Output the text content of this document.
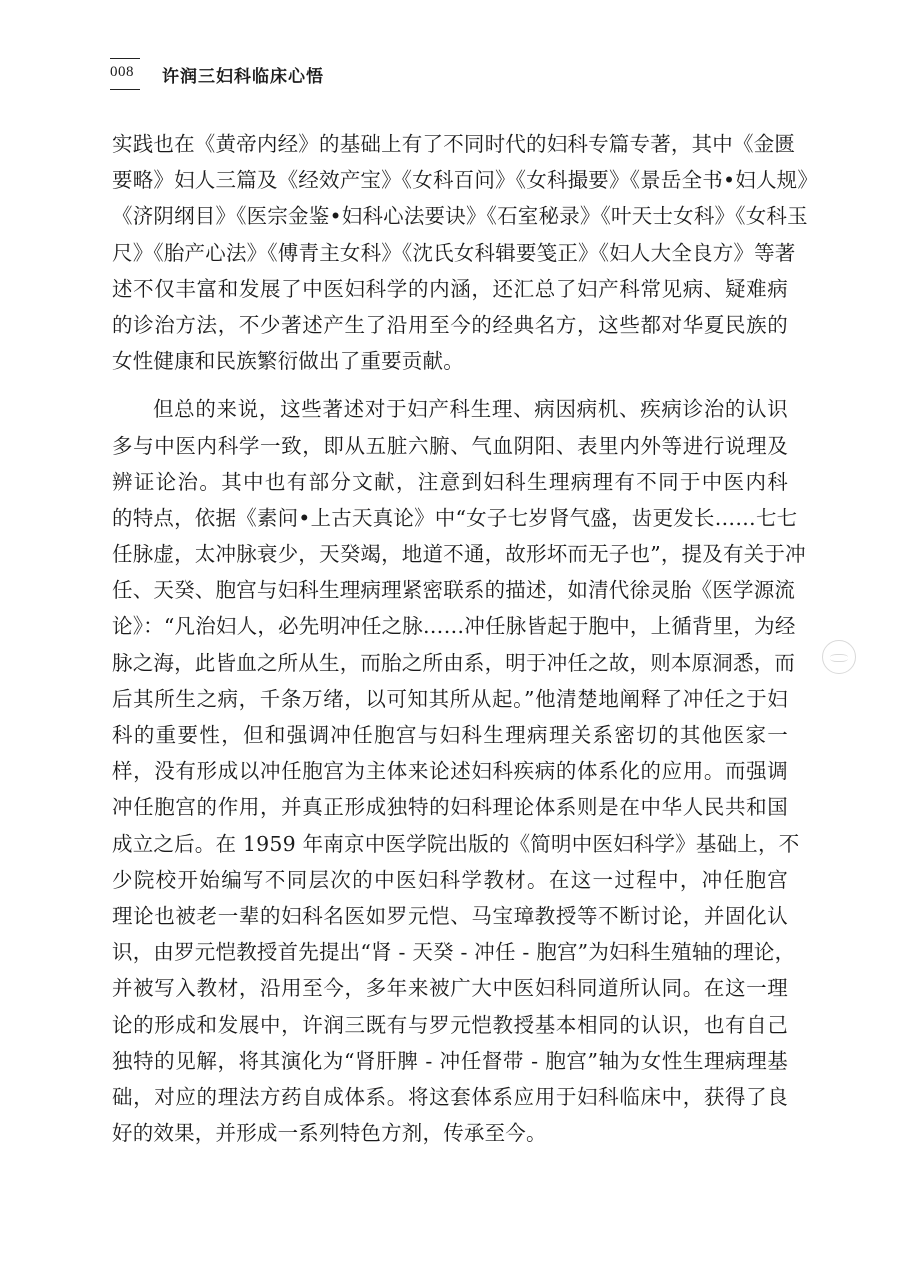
008 许润三妇科临床心悟
实践也在《黄帝内经》的基础上有了不同时代的妇科专篇专著，其中《金匮
要略》妇人三篇及《经效产宝》《女科百问》《女科撮要》《景岳全书•妇人规》
《济阴纲目》《医宗金鉴•妇科心法要诀》《石室秘录》《叶天士女科》《女科玉
尺》《胎产心法》《傅青主女科》《沈氏女科辑要笺正》《妇人大全良方》等著
述不仅丰富和发展了中医妇科学的内涵，还汇总了妇产科常见病、疑难病
的诊治方法，不少著述产生了沿用至今的经典名方，这些都对华夏民族的
女性健康和民族繁衍做出了重要贡献。
但总的来说，这些著述对于妇产科生理、病因病机、疾病诊治的认识
多与中医内科学一致，即从五脏六腑、气血阴阳、表里内外等进行说理及
辨证论治。其中也有部分文献，注意到妇科生理病理有不同于中医内科
的特点，依据《素问•上古天真论》中“女子七岁肾气盛，齿更发长……七七
任脉虚，太冲脉衰少，天癸竭，地道不通，故形坏而无子也”，提及有关于冲
任、天癸、胞宫与妇科生理病理紧密联系的描述，如清代徐灵胎《医学源流
论》：“凡治妇人，必先明冲任之脉……冲任脉皆起于胞中，上循背里，为经
脉之海，此皆血之所从生，而胎之所由系，明于冲任之故，则本原洞悉，而
后其所生之病，千条万绪，以可知其所从起。”他清楚地阐释了冲任之于妇
科的重要性，但和强调冲任胞宫与妇科生理病理关系密切的其他医家一
样，没有形成以冲任胞宫为主体来论述妇科疾病的体系化的应用。而强调
冲任胞宫的作用，并真正形成独特的妇科理论体系则是在中华人民共和国
成立之后。在 1959 年南京中医学院出版的《简明中医妇科学》基础上，不
少院校开始编写不同层次的中医妇科学教材。在这一过程中，冲任胞宫
理论也被老一辈的妇科名医如罗元恺、马宝璋教授等不断讨论，并固化认
识，由罗元恺教授首先提出“肾 - 天癸 - 冲任 - 胞宫”为妇科生殖轴的理论，
并被写入教材，沿用至今，多年来被广大中医妇科同道所认同。在这一理
论的形成和发展中，许润三既有与罗元恺教授基本相同的认识，也有自己
独特的见解，将其演化为“肾肝脾 - 冲任督带 - 胞宫”轴为女性生理病理基
础，对应的理法方药自成体系。将这套体系应用于妇科临床中，获得了良
好的效果，并形成一系列特色方剂，传承至今。
